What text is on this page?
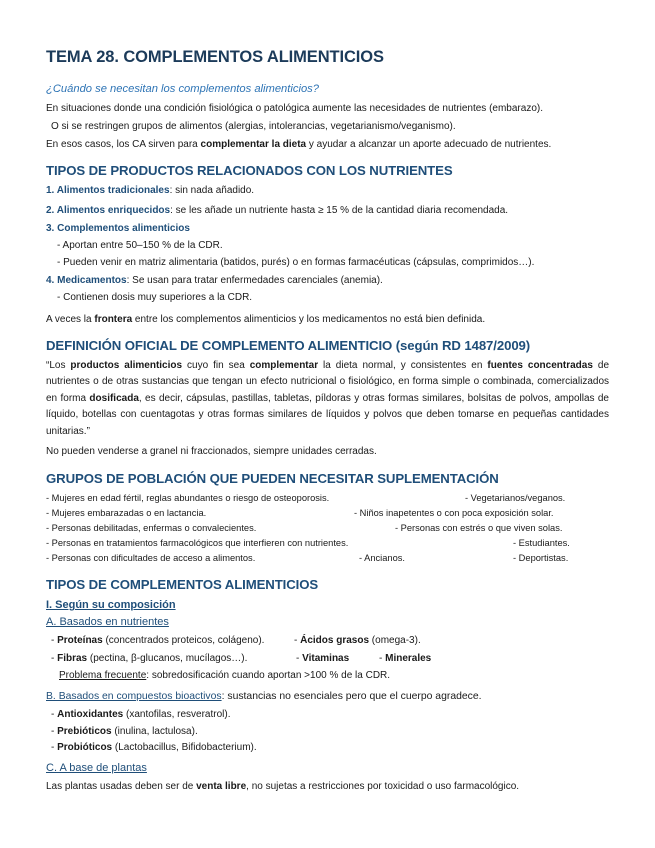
TEMA 28. COMPLEMENTOS ALIMENTICIOS
¿Cuándo se necesitan los complementos alimenticios?
En situaciones donde una condición fisiológica o patológica aumente las necesidades de nutrientes (embarazo).
O si se restringen grupos de alimentos (alergias, intolerancias, vegetarianismo/veganismo).
En esos casos, los CA sirven para complementar la dieta y ayudar a alcanzar un aporte adecuado de nutrientes.
TIPOS DE PRODUCTOS RELACIONADOS CON LOS NUTRIENTES
1. Alimentos tradicionales: sin nada añadido.
2. Alimentos enriquecidos: se les añade un nutriente hasta ≥ 15 % de la cantidad diaria recomendada.
3. Complementos alimenticios
- Aportan entre 50–150 % de la CDR.
- Pueden venir en matriz alimentaria (batidos, purés) o en formas farmacéuticas (cápsulas, comprimidos…).
4. Medicamentos: Se usan para tratar enfermedades carenciales (anemia).
- Contienen dosis muy superiores a la CDR.
A veces la frontera entre los complementos alimenticios y los medicamentos no está bien definida.
DEFINICIÓN OFICIAL DE COMPLEMENTO ALIMENTICIO (según RD 1487/2009)

“Los productos alimenticios cuyo fin sea complementar la dieta normal, y consistentes en fuentes concentradas de nutrientes o de otras sustancias que tengan un efecto nutricional o fisiológico, en forma simple o combinada, comercializados en forma dosificada, es decir, cápsulas, pastillas, tabletas, píldoras y otras formas similares, bolsitas de polvos, ampollas de líquido, botellas con cuentagotas y otras formas similares de líquidos y polvos que deben tomarse en pequeñas cantidades unitarias.”

No pueden venderse a granel ni fraccionados, siempre unidades cerradas.
GRUPOS DE POBLACIÓN QUE PUEDEN NECESITAR SUPLEMENTACIÓN
- Mujeres en edad fértil, reglas abundantes o riesgo de osteoporosis.	- Vegetarianos/veganos.
- Mujeres embarazadas o en lactancia.	- Niños inapetentes o con poca exposición solar.
- Personas debilitadas, enfermas o convalecientes.	- Personas con estrés o que viven solas.
- Personas en tratamientos farmacológicos que interfieren con nutrientes.	- Estudiantes.
- Personas con dificultades de acceso a alimentos.	- Ancianos.	- Deportistas.
TIPOS DE COMPLEMENTOS ALIMENTICIOS
I. Según su composición
A. Basados en nutrientes
- Proteínas (concentrados proteicos, colágeno).	- Ácidos grasos (omega-3).
- Fibras (pectina, β-glucanos, mucílagos…).	- Vitaminas	- Minerales
Problema frecuente: sobredosificación cuando aportan >100 % de la CDR.
B. Basados en compuestos bioactivos: sustancias no esenciales pero que el cuerpo agradece.
- Antioxidantes (xantofilas, resveratrol).
- Prebióticos (inulina, lactulosa).
- Probióticos (Lactobacillus, Bifidobacterium).
C. A base de plantas
Las plantas usadas deben ser de venta libre, no sujetas a restricciones por toxicidad o uso farmacológico.
